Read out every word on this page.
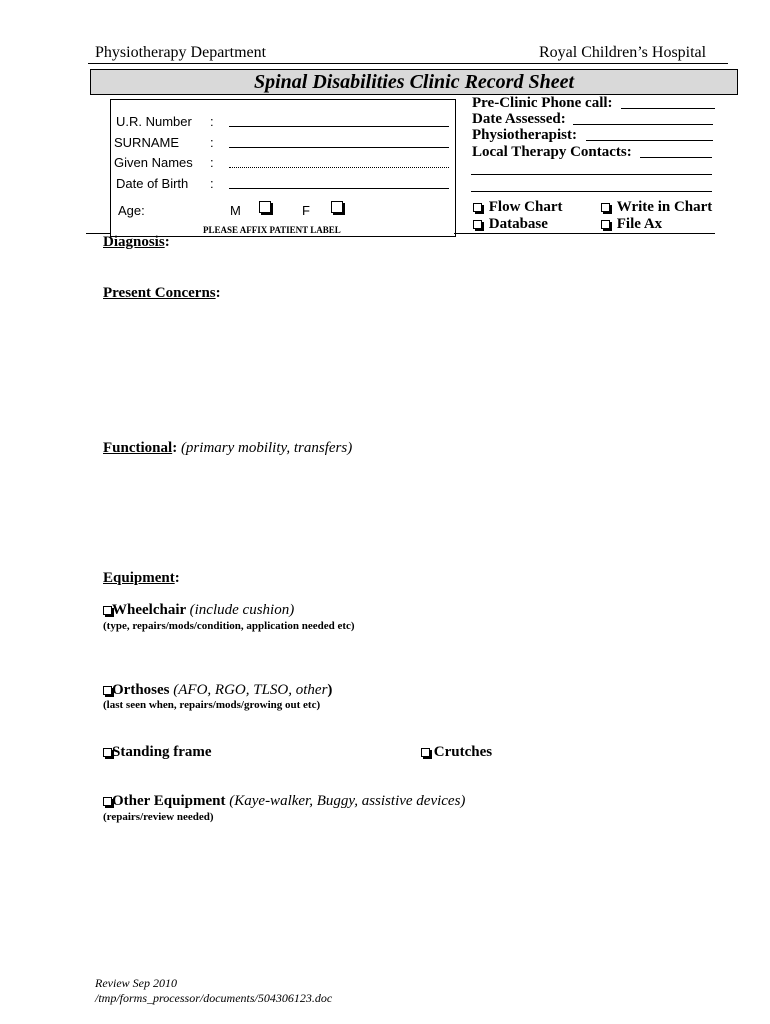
Physiotherapy Department	Royal Children’s Hospital
Spinal Disabilities Clinic Record Sheet
U.R. Number :
SURNAME :
Given Names :
Date of Birth :
Age:	M	F
PLEASE AFFIX PATIENT LABEL
Pre-Clinic Phone call:
Date Assessed:
Physiotherapist:
Local Therapy Contacts:
Flow Chart	Write in Chart
Database	File Ax
Diagnosis:
Present Concerns:
Functional: (primary mobility, transfers)
Equipment:
Wheelchair (include cushion)
(type, repairs/mods/condition, application needed etc)
Orthoses (AFO, RGO, TLSO, other)
(last seen when, repairs/mods/growing out etc)
Standing frame	Crutches
Other Equipment (Kaye-walker, Buggy, assistive devices)
(repairs/review needed)
Review Sep 2010
/tmp/forms_processor/documents/504306123.doc
